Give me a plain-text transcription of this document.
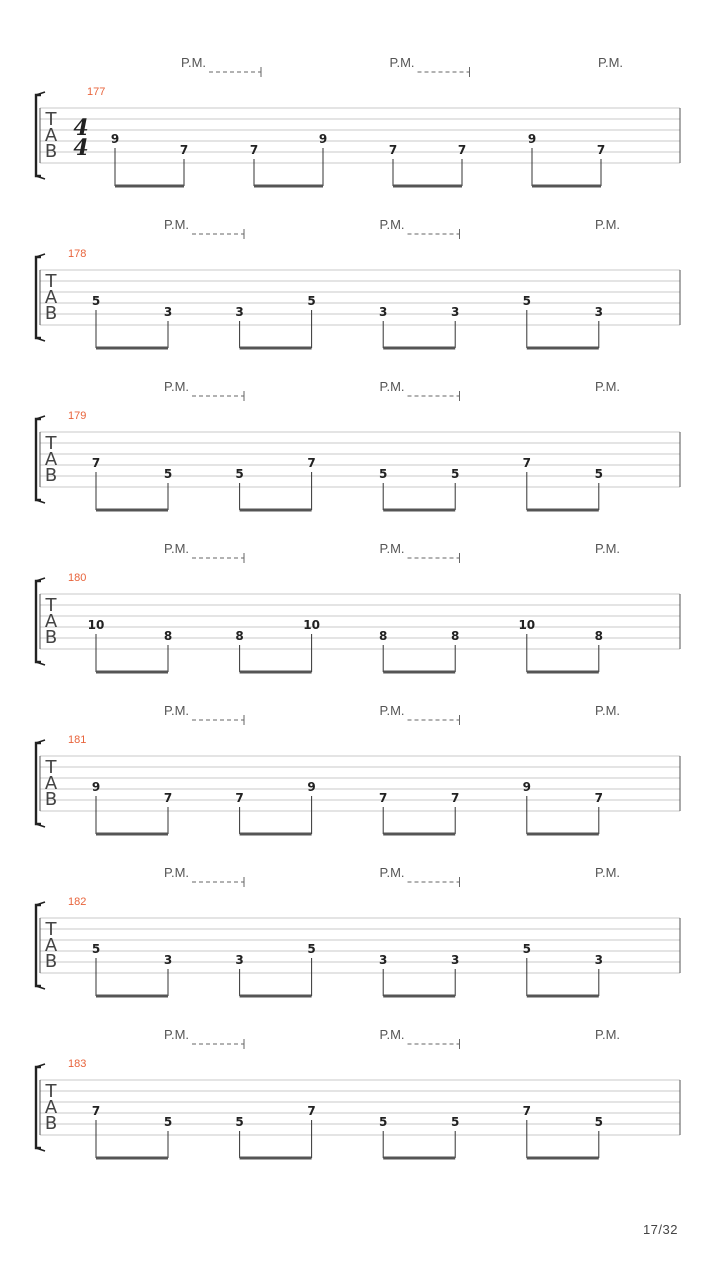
T
A
B
177
4
4
P.M.	P.M.	P.M.
9
7	7
9
7	7
9
7
T
A
B
178
P.M.	P.M.	P.M.
5
3	3
5
3	3
5
3
T
A
B
179
P.M.	P.M.	P.M.
7
5	5
7
5	5
7
5
T
A
B
180
P.M.	P.M.	P.M.
10
8	8
10
8	8
10
8
T
A
B
181
P.M.	P.M.	P.M.
9
7	7
9
7	7
9
7
T
A
B
182
P.M.	P.M.	P.M.
5
3	3
5
3	3
5
3
T
A
B
183
P.M.	P.M.	P.M.
7
5	5
7
5	5
7
5
17/32
